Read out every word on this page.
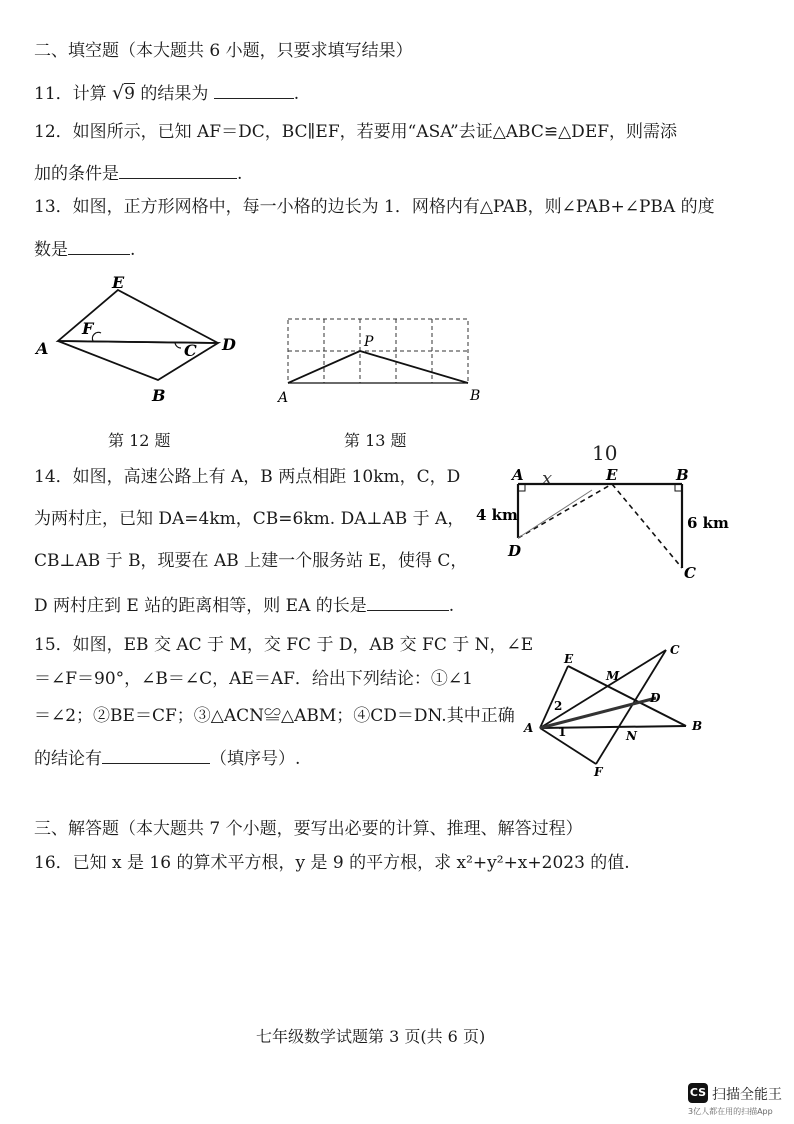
二、填空题（本大题共 6 小题，只要求填写结果）
11．计算 √9 的结果为	.
12．如图所示，已知 AF＝DC，BC∥EF，若要用“ASA”去证△ABC≌△DEF，则需添
加的条件是	.
13．如图，正方形网格中，每一小格的边长为 1．网格内有△PAB，则∠PAB+∠PBA 的度
数是	.
E
F
A	C D
B
第 12 题
P
A	B
第 13 题
14．如图，高速公路上有 A，B 两点相距 10km，C，D
为两村庄，已知 DA=4km，CB=6km. DA⊥AB 于 A，
CB⊥AB 于 B，现要在 AB 上建一个服务站 E，使得 C，
D 两村庄到 E 站的距离相等，则 EA 的长是	.
10
x
A	E	B
D
C
4 km	6 km
15．如图，EB 交 AC 于 M，交 FC 于 D，AB 交 FC 于 N，∠E
＝∠F＝90°，∠B＝∠C，AE＝AF．给出下列结论：①∠1
＝∠2；②BE＝CF；③△ACN≌△ABM；④CD＝DN.其中正确
的结论有	（填序号）.
E
C
M
D
A	B
N
F
2
1
三、解答题（本大题共 7 个小题，要写出必要的计算、推理、解答过程）
16．已知 x 是 16 的算术平方根，y 是 9 的平方根，求 x²+y²+x+2023 的值.
七年级数学试题第 3 页(共 6 页)
CS 扫描全能王
3亿人都在用的扫描App
